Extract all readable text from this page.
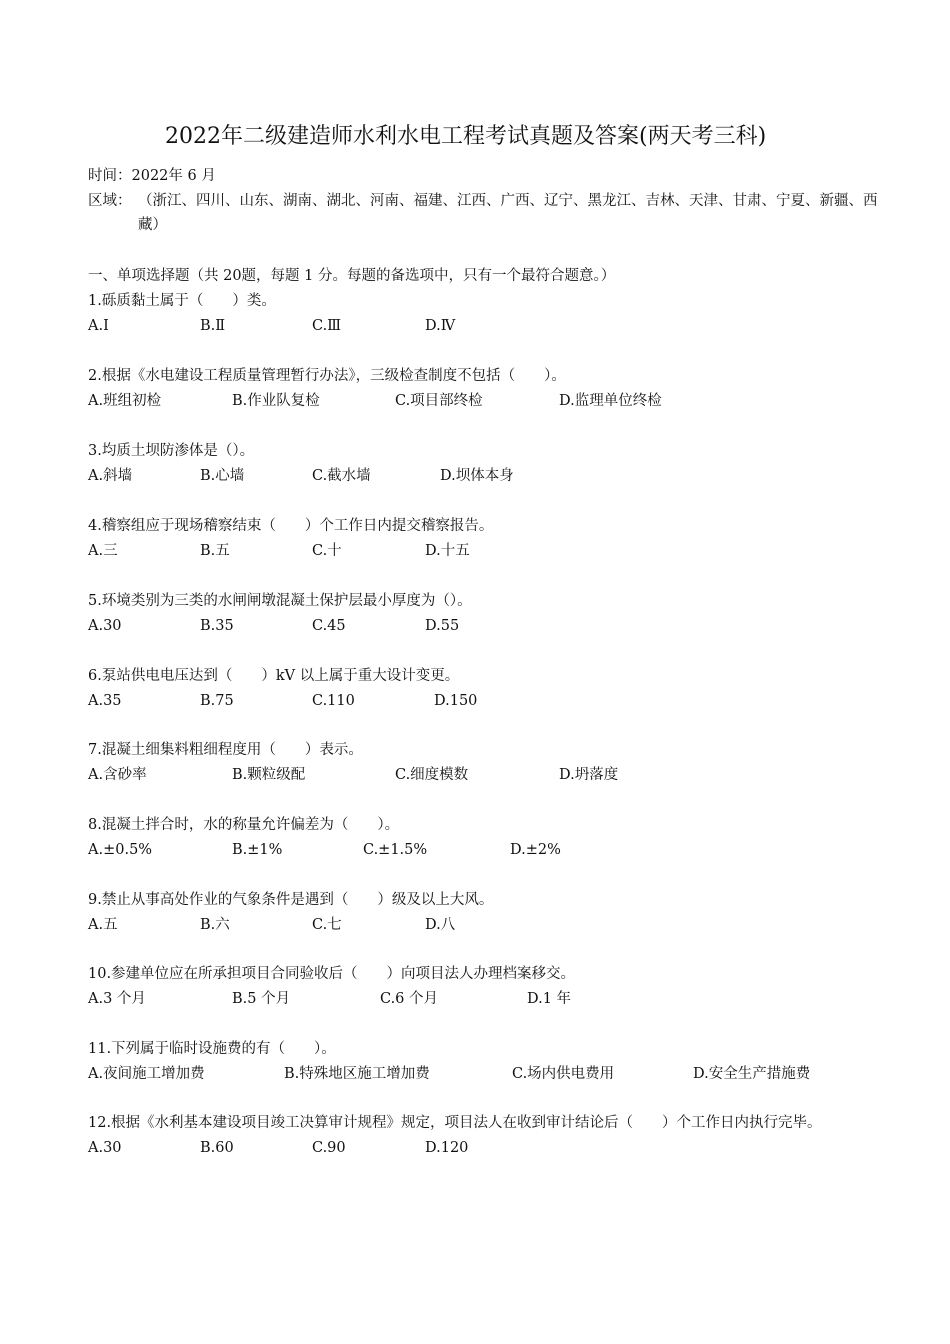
2022年二级建造师水利水电工程考试真题及答案(两天考三科)
时间：2022年 6 月
区域： （浙江、四川、山东、湖南、湖北、河南、福建、江西、广西、辽宁、黑龙江、吉林、天津、甘肃、宁夏、新疆、西藏）
一、单项选择题（共 20题，每题 1 分。每题的备选项中，只有一个最符合题意。）
1.砾质黏土属于（　　）类。
A.Ⅰ	B.Ⅱ	C.Ⅲ	D.Ⅳ
2.根据《水电建设工程质量管理暂行办法》，三级检查制度不包括（　　）。
A.班组初检	B.作业队复检	C.项目部终检	D.监理单位终检
3.均质土坝防渗体是（）。
A.斜墙	B.心墙	C.截水墙	D.坝体本身
4.稽察组应于现场稽察结束（　　）个工作日内提交稽察报告。
A.三	B.五	C.十	D.十五
5.环境类别为三类的水闸闸墩混凝土保护层最小厚度为（）。
A.30	B.35	C.45	D.55
6.泵站供电电压达到（　　）kV 以上属于重大设计变更。
A.35	B.75	C.110	D.150
7.混凝土细集料粗细程度用（　　）表示。
A.含砂率	B.颗粒级配	C.细度模数	D.坍落度
8.混凝土拌合时，水的称量允许偏差为（　　）。
A.±0.5%	B.±1%	C.±1.5%	D.±2%
9.禁止从事高处作业的气象条件是遇到（　　）级及以上大风。
A.五	B.六	C.七	D.八
10.参建单位应在所承担项目合同验收后（　　）向项目法人办理档案移交。
A.3 个月	B.5 个月	C.6 个月	D.1 年
11.下列属于临时设施费的有（　　）。
A.夜间施工增加费	B.特殊地区施工增加费	C.场内供电费用	D.安全生产措施费
12.根据《水利基本建设项目竣工决算审计规程》规定，项目法人在收到审计结论后（　　）个工作日内执行完毕。
A.30	B.60	C.90	D.120
